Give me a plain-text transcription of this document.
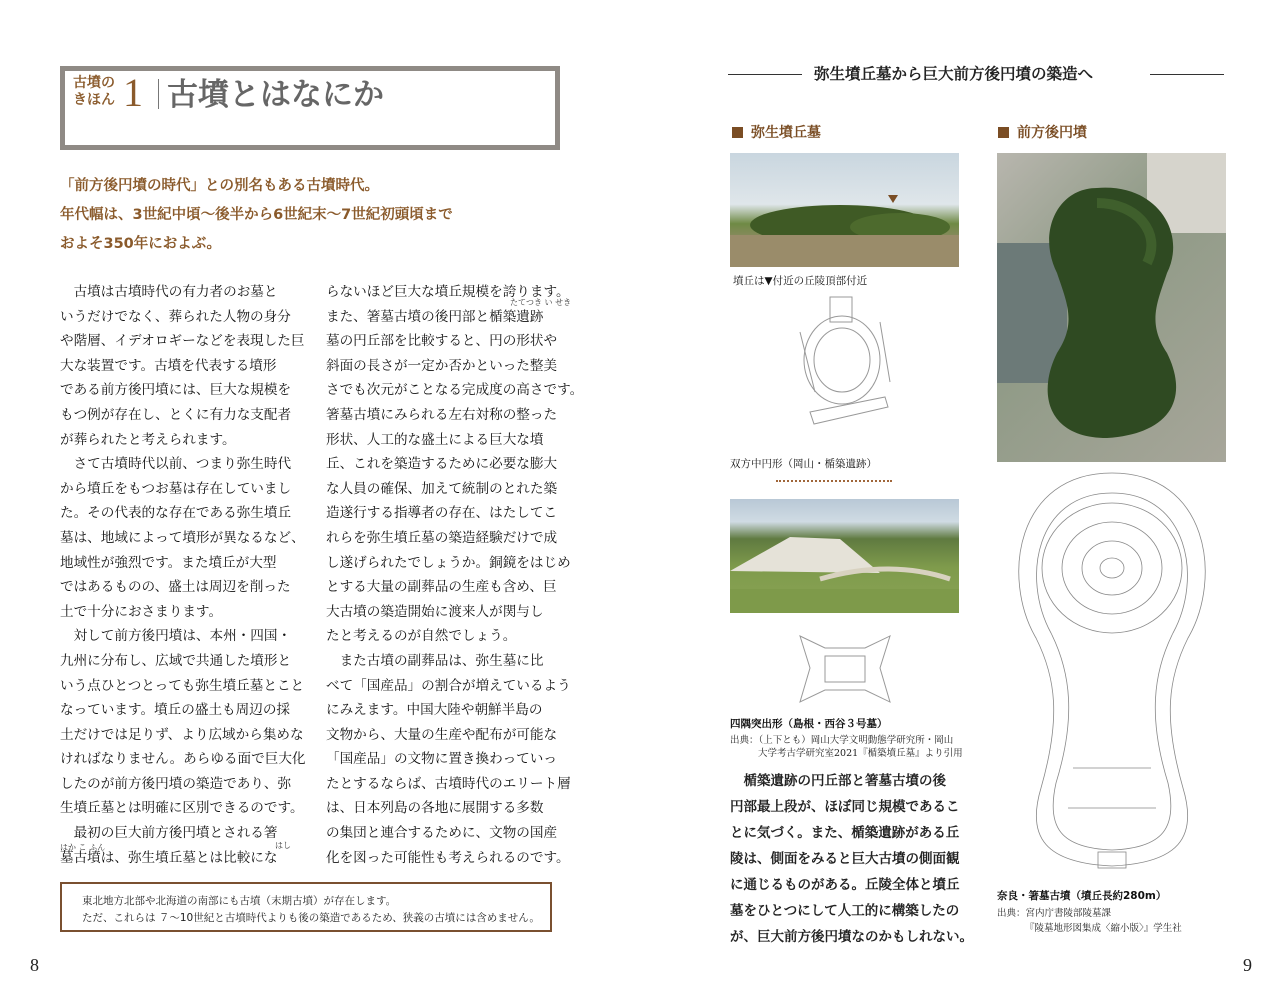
古墳の
きほん 1 古墳とはなにか
「前方後円墳の時代」との別名もある古墳時代。
年代幅は、3世紀中頃～後半から6世紀末～7世紀初頭頃まで
およそ350年におよぶ。
　古墳は古墳時代の有力者のお墓と
いうだけでなく、葬られた人物の身分
や階層、イデオロギーなどを表現した巨
大な装置です。古墳を代表する墳形
である前方後円墳には、巨大な規模を
もつ例が存在し、とくに有力な支配者
が葬られたと考えられます。
　さて古墳時代以前、つまり弥生時代
から墳丘をもつお墓は存在していまし
た。その代表的な存在である弥生墳丘
墓は、地域によって墳形が異なるなど、
地域性が強烈です。また墳丘が大型
ではあるものの、盛土は周辺を削った
土で十分におさまります。
　対して前方後円墳は、本州・四国・
九州に分布し、広域で共通した墳形と
いう点ひとつとっても弥生墳丘墓とこと
なっています。墳丘の盛土も周辺の採
土だけでは足りず、より広域から集めな
ければなりません。あらゆる面で巨大化
したのが前方後円墳の築造であり、弥
生墳丘墓とは明確に区別できるのです。
　最初の巨大前方後円墳とされる箸
墓古墳は、弥生墳丘墓とは比較にな
らないほど巨大な墳丘規模を誇ります。
また、箸墓古墳の後円部と楯築遺跡
墓の円丘部を比較すると、円の形状や
斜面の長さが一定か否かといった整美
さでも次元がことなる完成度の高さです。
箸墓古墳にみられる左右対称の整った
形状、人工的な盛土による巨大な墳
丘、これを築造するために必要な膨大
な人員の確保、加えて統制のとれた築
造遂行する指導者の存在、はたしてこ
れらを弥生墳丘墓の築造経験だけで成
し遂げられたでしょうか。銅鏡をはじめ
とする大量の副葬品の生産も含め、巨
大古墳の築造開始に渡来人が関与し
たと考えるのが自然でしょう。
　また古墳の副葬品は、弥生墓に比
べて「国産品」の割合が増えているよう
にみえます。中国大陸や朝鮮半島の
文物から、大量の生産や配布が可能な
「国産品」の文物に置き換わっていっ
たとするならば、古墳時代のエリート層
は、日本列島の各地に展開する多数
の集団と連合するために、文物の国産
化を図った可能性も考えられるのです。
はし
はか こ ふん
たてつき い せき
東北地方北部や北海道の南部にも古墳（末期古墳）が存在します。
ただ、これらは ７～10世紀と古墳時代よりも後の築造であるため、狭義の古墳には含めません。
8
弥生墳丘墓から巨大前方後円墳の築造へ
弥生墳丘墓	前方後円墳
墳丘は▼付近の丘陵頂部付近
双方中円形（岡山・楯築遺跡）
四隅突出形（島根・西谷３号墓）
出典：（上下とも）岡山大学文明動態学研究所・岡山
大学考古学研究室2021『楯築墳丘墓』より引用
　楯築遺跡の円丘部と箸墓古墳の後
円部最上段が、ほぼ同じ規模であるこ
とに気づく。また、楯築遺跡がある丘
陵は、側面をみると巨大古墳の側面観
に通じるものがある。丘陵全体と墳丘
墓をひとつにして人工的に構築したの
が、巨大前方後円墳なのかもしれない。
奈良・箸墓古墳（墳丘長約280m）
出典：宮内庁書陵部陵墓課
『陵墓地形図集成〈縮小版〉』学生社
9
